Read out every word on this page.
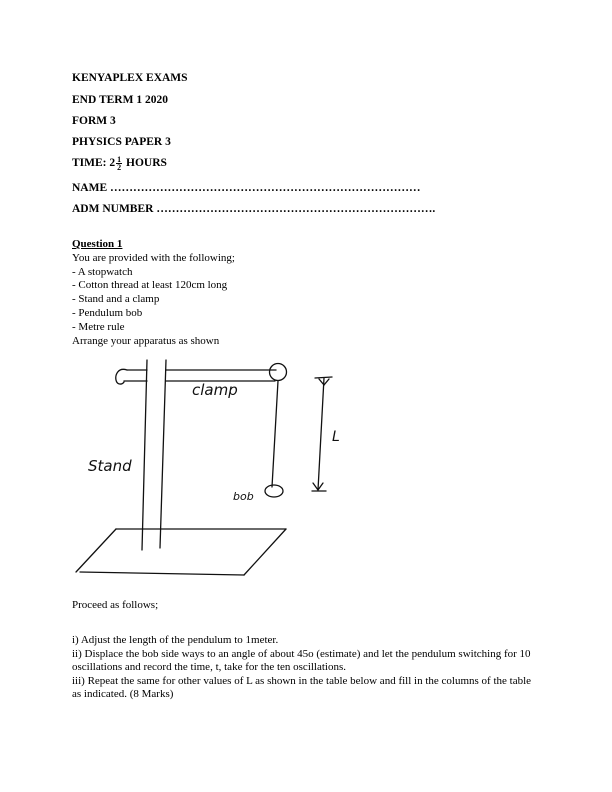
KENYAPLEX EXAMS
END TERM 1 2020
FORM 3
PHYSICS PAPER 3
TIME: $2 \frac{1}{2}$ HOURS
NAME ………………………………………………………………………
ADM NUMBER ……………………………………………………………….
Question 1
You are provided with the following;
- A stopwatch
- Cotton thread at least 120cm long
- Stand and a clamp
- Pendulum bob
- Metre rule
Arrange your apparatus as shown
clamp
Stand
bob
L
Proceed as follows;

i) Adjust the length of the pendulum to 1meter.

ii) Displace the bob side ways to an angle of about 45o (estimate) and let the pendulum switching for 10 oscillations and record the time, t, take for the ten oscillations.

iii) Repeat the same for other values of L as shown in the table below and fill in the columns of the table as indicated. (8 Marks)
